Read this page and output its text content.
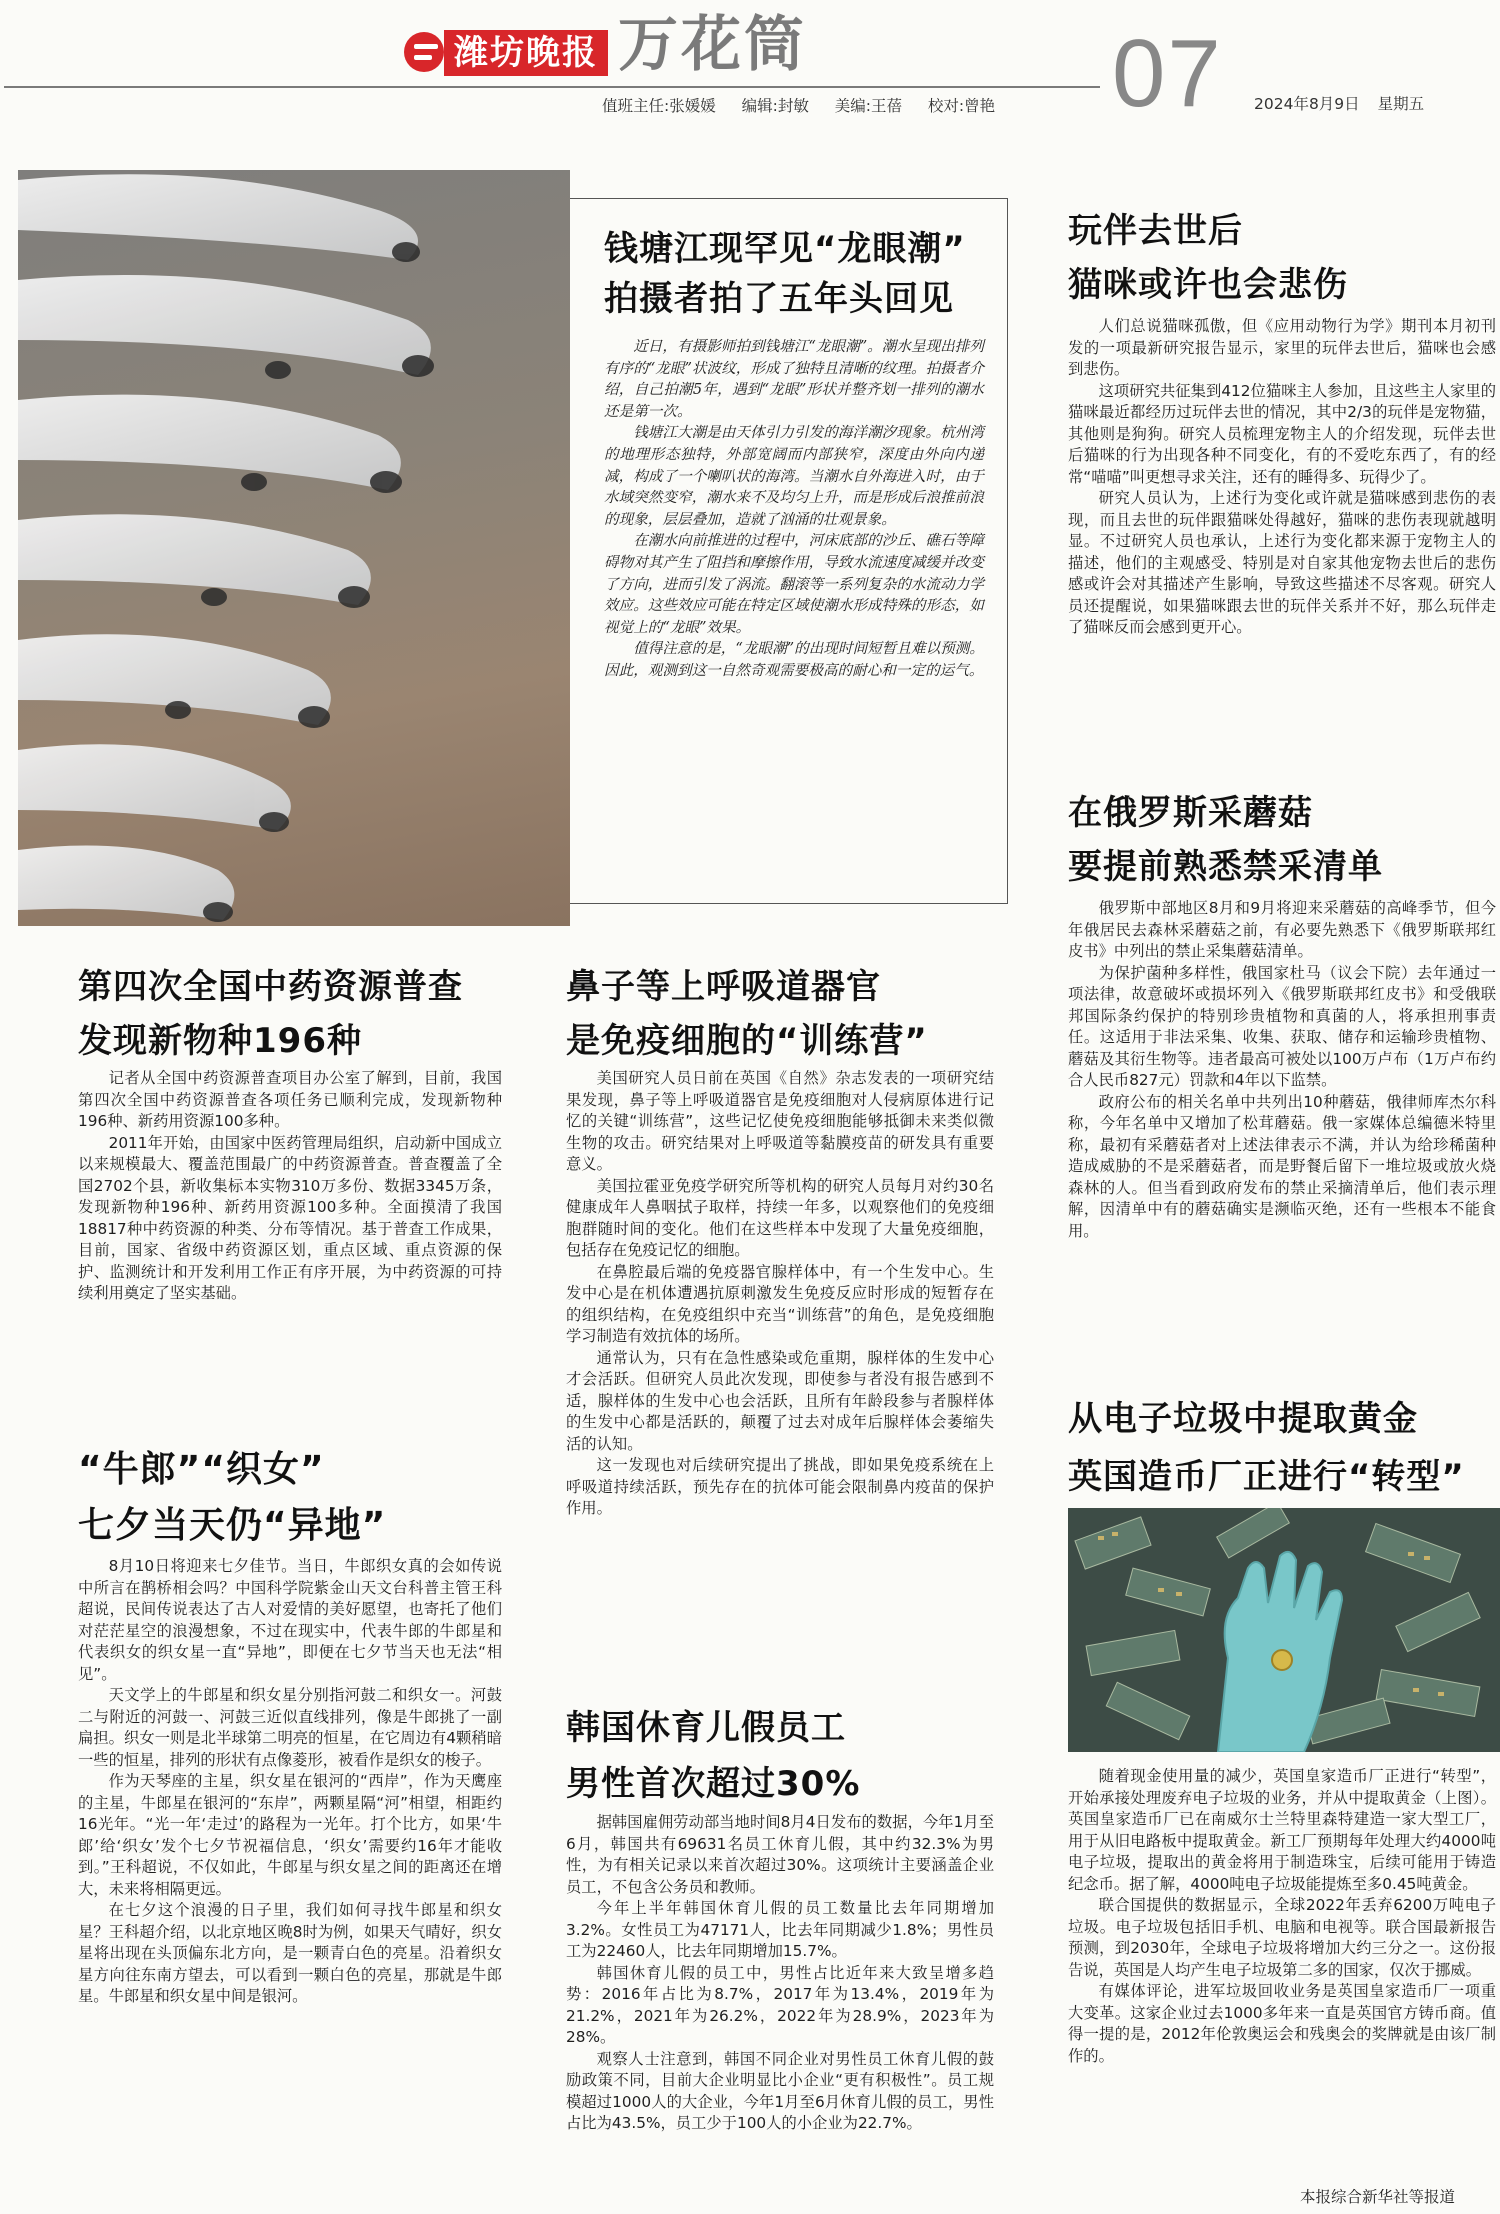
潍坊晚报 万花筒
值班主任:张媛媛 编辑:封敏 美编:王蓓 校对:曾艳 07 2024年8月9日 星期五
钱塘江现罕见“龙眼潮”
拍摄者拍了五年头回见

近日，有摄影师拍到钱塘江“龙眼潮”。潮水呈现出排列有序的“龙眼”状波纹，形成了独特且清晰的纹理。拍摄者介绍，自己拍潮5年，遇到“龙眼”形状并整齐划一排列的潮水还是第一次。

钱塘江大潮是由天体引力引发的海洋潮汐现象。杭州湾的地理形态独特，外部宽阔而内部狭窄，深度由外向内递减，构成了一个喇叭状的海湾。当潮水自外海进入时，由于水域突然变窄，潮水来不及均匀上升，而是形成后浪推前浪的现象，层层叠加，造就了汹涌的壮观景象。

在潮水向前推进的过程中，河床底部的沙丘、礁石等障碍物对其产生了阻挡和摩擦作用，导致水流速度减缓并改变了方向，进而引发了涡流。翻滚等一系列复杂的水流动力学效应。这些效应可能在特定区域使潮水形成特殊的形态，如视觉上的“龙眼”效果。

值得注意的是，“龙眼潮”的出现时间短暂且难以预测。因此，观测到这一自然奇观需要极高的耐心和一定的运气。

玩伴去世后
猫咪或许也会悲伤

人们总说猫咪孤傲，但《应用动物行为学》期刊本月初刊发的一项最新研究报告显示，家里的玩伴去世后，猫咪也会感到悲伤。

这项研究共征集到412位猫咪主人参加，且这些主人家里的猫咪最近都经历过玩伴去世的情况，其中2/3的玩伴是宠物猫，其他则是狗狗。研究人员梳理宠物主人的介绍发现，玩伴去世后猫咪的行为出现各种不同变化，有的不爱吃东西了，有的经常“喵喵”叫更想寻求关注，还有的睡得多、玩得少了。

研究人员认为，上述行为变化或许就是猫咪感到悲伤的表现，而且去世的玩伴跟猫咪处得越好，猫咪的悲伤表现就越明显。不过研究人员也承认，上述行为变化都来源于宠物主人的描述，他们的主观感受、特别是对自家其他宠物去世后的悲伤感或许会对其描述产生影响，导致这些描述不尽客观。研究人员还提醒说，如果猫咪跟去世的玩伴关系并不好，那么玩伴走了猫咪反而会感到更开心。

第四次全国中药资源普查
发现新物种196种

记者从全国中药资源普查项目办公室了解到，目前，我国第四次全国中药资源普查各项任务已顺利完成，发现新物种196种、新药用资源100多种。

2011年开始，由国家中医药管理局组织，启动新中国成立以来规模最大、覆盖范围最广的中药资源普查。普查覆盖了全国2702个县，新收集标本实物310万多份、数据3345万条，发现新物种196种、新药用资源100多种。全面摸清了我国18817种中药资源的种类、分布等情况。基于普查工作成果，目前，国家、省级中药资源区划，重点区域、重点资源的保护、监测统计和开发利用工作正有序开展，为中药资源的可持续利用奠定了坚实基础。

“牛郎”“织女”
七夕当天仍“异地”

8月10日将迎来七夕佳节。当日，牛郎织女真的会如传说中所言在鹊桥相会吗？中国科学院紫金山天文台科普主管王科超说，民间传说表达了古人对爱情的美好愿望，也寄托了他们对茫茫星空的浪漫想象，不过在现实中，代表牛郎的牛郎星和代表织女的织女星一直“异地”，即便在七夕节当天也无法“相见”。

天文学上的牛郎星和织女星分别指河鼓二和织女一。河鼓二与附近的河鼓一、河鼓三近似直线排列，像是牛郎挑了一副扁担。织女一则是北半球第二明亮的恒星，在它周边有4颗稍暗一些的恒星，排列的形状有点像菱形，被看作是织女的梭子。

作为天琴座的主星，织女星在银河的“西岸”，作为天鹰座的主星，牛郎星在银河的“东岸”，两颗星隔“河”相望，相距约16光年。“光一年‘走过’的路程为一光年。打个比方，如果‘牛郎’给‘织女’发个七夕节祝福信息，‘织女’需要约16年才能收到。”王科超说，不仅如此，牛郎星与织女星之间的距离还在增大，未来将相隔更远。

在七夕这个浪漫的日子里，我们如何寻找牛郎星和织女星？王科超介绍，以北京地区晚8时为例，如果天气晴好，织女星将出现在头顶偏东北方向，是一颗青白色的亮星。沿着织女星方向往东南方望去，可以看到一颗白色的亮星，那就是牛郎星。牛郎星和织女星中间是银河。

鼻子等上呼吸道器官
是免疫细胞的“训练营”

美国研究人员日前在英国《自然》杂志发表的一项研究结果发现，鼻子等上呼吸道器官是免疫细胞对人侵病原体进行记忆的关键“训练营”，这些记忆使免疫细胞能够抵御未来类似微生物的攻击。研究结果对上呼吸道等黏膜疫苗的研发具有重要意义。

美国拉霍亚免疫学研究所等机构的研究人员每月对约30名健康成年人鼻咽拭子取样，持续一年多，以观察他们的免疫细胞群随时间的变化。他们在这些样本中发现了大量免疫细胞，包括存在免疫记忆的细胞。

在鼻腔最后端的免疫器官腺样体中，有一个生发中心。生发中心是在机体遭遇抗原刺激发生免疫反应时形成的短暂存在的组织结构，在免疫组织中充当“训练营”的角色，是免疫细胞学习制造有效抗体的场所。

通常认为，只有在急性感染或危重期，腺样体的生发中心才会活跃。但研究人员此次发现，即使参与者没有报告感到不适，腺样体的生发中心也会活跃，且所有年龄段参与者腺样体的生发中心都是活跃的，颠覆了过去对成年后腺样体会萎缩失活的认知。

这一发现也对后续研究提出了挑战，即如果免疫系统在上呼吸道持续活跃，预先存在的抗体可能会限制鼻内疫苗的保护作用。

韩国休育儿假员工
男性首次超过30%

据韩国雇佣劳动部当地时间8月4日发布的数据，今年1月至6月，韩国共有69631名员工休育儿假，其中约32.3%为男性，为有相关记录以来首次超过30%。这项统计主要涵盖企业员工，不包含公务员和教师。

今年上半年韩国休育儿假的员工数量比去年同期增加3.2%。女性员工为47171人，比去年同期减少1.8%；男性员工为22460人，比去年同期增加15.7%。

韩国休育儿假的员工中，男性占比近年来大致呈增多趋势：2016年占比为8.7%，2017年为13.4%，2019年为21.2%，2021年为26.2%，2022年为28.9%，2023年为28%。

观察人士注意到，韩国不同企业对男性员工休育儿假的鼓励政策不同，目前大企业明显比小企业“更有积极性”。员工规模超过1000人的大企业，今年1月至6月休育儿假的员工，男性占比为43.5%，员工少于100人的小企业为22.7%。

在俄罗斯采蘑菇
要提前熟悉禁采清单

俄罗斯中部地区8月和9月将迎来采蘑菇的高峰季节，但今年俄居民去森林采蘑菇之前，有必要先熟悉下《俄罗斯联邦红皮书》中列出的禁止采集蘑菇清单。

为保护菌种多样性，俄国家杜马（议会下院）去年通过一项法律，故意破坏或损坏列入《俄罗斯联邦红皮书》和受俄联邦国际条约保护的特别珍贵植物和真菌的人，将承担刑事责任。这适用于非法采集、收集、获取、储存和运输珍贵植物、蘑菇及其衍生物等。违者最高可被处以100万卢布（1万卢布约合人民币827元）罚款和4年以下监禁。

政府公布的相关名单中共列出10种蘑菇，俄律师库杰尔科称，今年名单中又增加了松茸蘑菇。俄一家媒体总编德米特里称，最初有采蘑菇者对上述法律表示不满，并认为给珍稀菌种造成威胁的不是采蘑菇者，而是野餐后留下一堆垃圾或放火烧森林的人。但当看到政府发布的禁止采摘清单后，他们表示理解，因清单中有的蘑菇确实是濒临灭绝，还有一些根本不能食用。

从电子垃圾中提取黄金
英国造币厂正进行“转型”

随着现金使用量的减少，英国皇家造币厂正进行“转型”，开始承接处理废弃电子垃圾的业务，并从中提取黄金（上图）。英国皇家造币厂已在南威尔士兰特里森特建造一家大型工厂，用于从旧电路板中提取黄金。新工厂预期每年处理大约4000吨电子垃圾，提取出的黄金将用于制造珠宝，后续可能用于铸造纪念币。据了解，4000吨电子垃圾能提炼至多0.45吨黄金。

联合国提供的数据显示，全球2022年丢弃6200万吨电子垃圾。电子垃圾包括旧手机、电脑和电视等。联合国最新报告预测，到2030年，全球电子垃圾将增加大约三分之一。这份报告说，英国是人均产生电子垃圾第二多的国家，仅次于挪威。

有媒体评论，进军垃圾回收业务是英国皇家造币厂一项重大变革。这家企业过去1000多年来一直是英国官方铸币商。值得一提的是，2012年伦敦奥运会和残奥会的奖牌就是由该厂制作的。

本报综合新华社等报道
